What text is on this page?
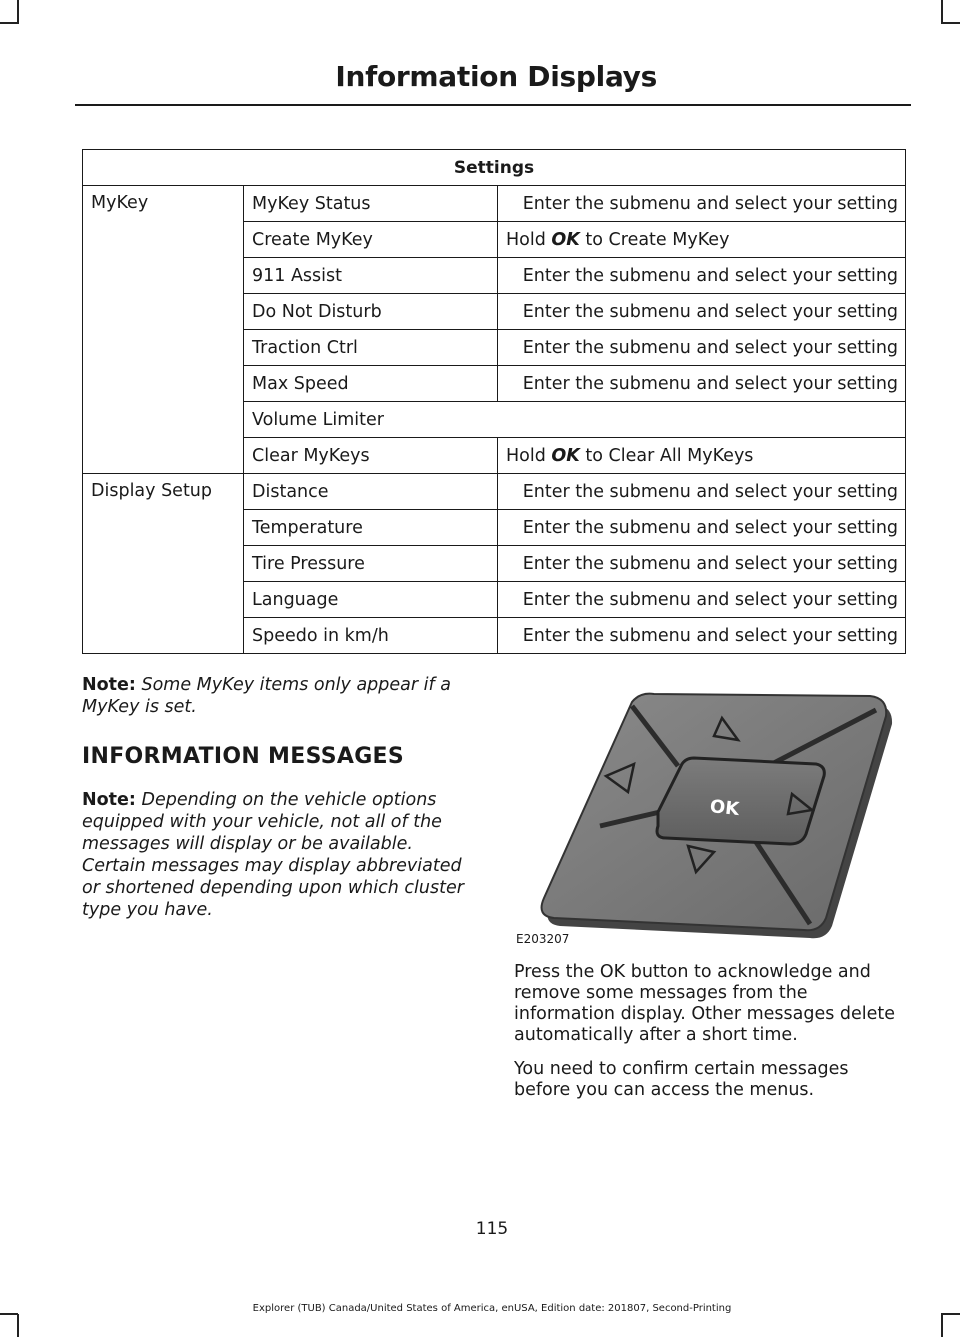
Information Displays
Settings		
MyKey	MyKey Status	Enter the submenu and select your setting
	Create MyKey	Hold OK to Create MyKey
	911 Assist	Enter the submenu and select your setting
	Do Not Disturb	Enter the submenu and select your setting
	Traction Ctrl	Enter the submenu and select your setting
	Max Speed	Enter the submenu and select your setting
	Volume Limiter	
	Clear MyKeys	Hold OK to Clear All MyKeys
Display Setup	Distance	Enter the submenu and select your setting
	Temperature	Enter the submenu and select your setting
	Tire Pressure	Enter the submenu and select your setting
	Language	Enter the submenu and select your setting
	Speedo in km/h	Enter the submenu and select your setting

Note: Some MyKey items only appear if a MyKey is set.

INFORMATION MESSAGES

Note: Depending on the vehicle options equipped with your vehicle, not all of the messages will display or be available. Certain messages may display abbreviated or shortened depending upon which cluster type you have.

OK
E203207

Press the OK button to acknowledge and remove some messages from the information display. Other messages delete automatically after a short time.

You need to confirm certain messages before you can access the menus.

115
Explorer (TUB) Canada/United States of America, enUSA, Edition date: 201807, Second-Printing
